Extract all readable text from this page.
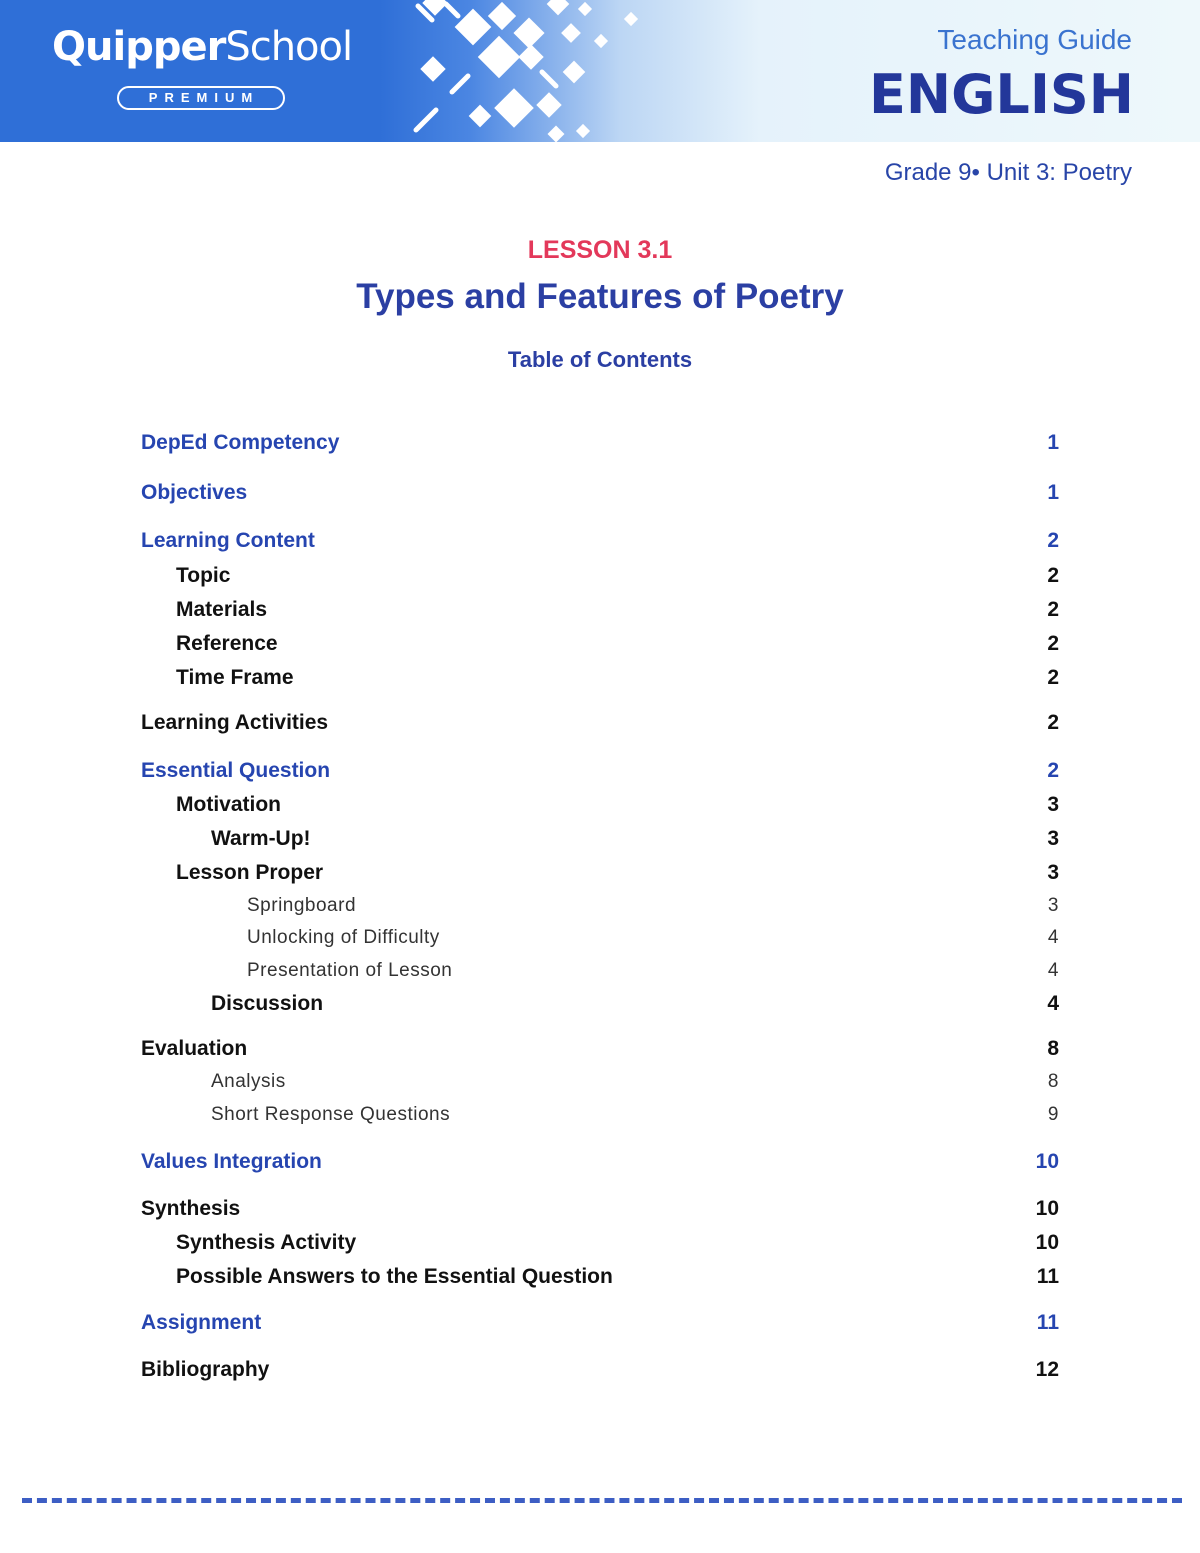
QuipperSchool
PREMIUM
Teaching Guide
ENGLISH
Grade 9• Unit 3: Poetry
LESSON 3.1
Types and Features of Poetry
Table of Contents
DepEd Competency	1
Objectives	1
Learning Content	2
Topic	2
Materials	2
Reference	2
Time Frame	2
Learning Activities	2
Essential Question	2
Motivation	3
Warm-Up!	3
Lesson Proper	3
Springboard	3
Unlocking of Difficulty	4
Presentation of Lesson	4
Discussion	4
Evaluation	8
Analysis	8
Short Response Questions	9
Values Integration	10
Synthesis	10
Synthesis Activity	10
Possible Answers to the Essential Question	11
Assignment	11
Bibliography	12
